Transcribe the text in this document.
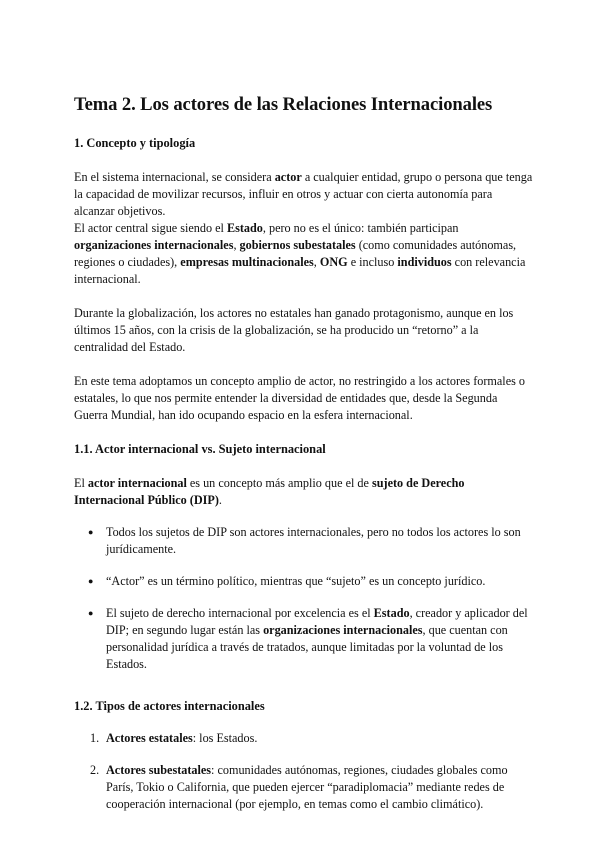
Tema 2. Los actores de las Relaciones Internacionales
1. Concepto y tipología

En el sistema internacional, se considera actor a cualquier entidad, grupo o persona que tenga la capacidad de movilizar recursos, influir en otros y actuar con cierta autonomía para alcanzar objetivos.

El actor central sigue siendo el Estado, pero no es el único: también participan organizaciones internacionales, gobiernos subestatales (como comunidades autónomas, regiones o ciudades), empresas multinacionales, ONG e incluso individuos con relevancia internacional.

Durante la globalización, los actores no estatales han ganado protagonismo, aunque en los últimos 15 años, con la crisis de la globalización, se ha producido un “retorno” a la centralidad del Estado.

En este tema adoptamos un concepto amplio de actor, no restringido a los actores formales o estatales, lo que nos permite entender la diversidad de entidades que, desde la Segunda Guerra Mundial, han ido ocupando espacio en la esfera internacional.

1.1. Actor internacional vs. Sujeto internacional

El actor internacional es un concepto más amplio que el de sujeto de Derecho Internacional Público (DIP).

● Todos los sujetos de DIP son actores internacionales, pero no todos los actores lo son jurídicamente.
● “Actor” es un término político, mientras que “sujeto” es un concepto jurídico.
● El sujeto de derecho internacional por excelencia es el Estado, creador y aplicador del DIP; en segundo lugar están las organizaciones internacionales, que cuentan con personalidad jurídica a través de tratados, aunque limitadas por la voluntad de los Estados.
1.2. Tipos de actores internacionales
1. Actores estatales: los Estados.
2. Actores subestatales: comunidades autónomas, regiones, ciudades globales como París, Tokio o California, que pueden ejercer “paradiplomacia” mediante redes de cooperación internacional (por ejemplo, en temas como el cambio climático).
